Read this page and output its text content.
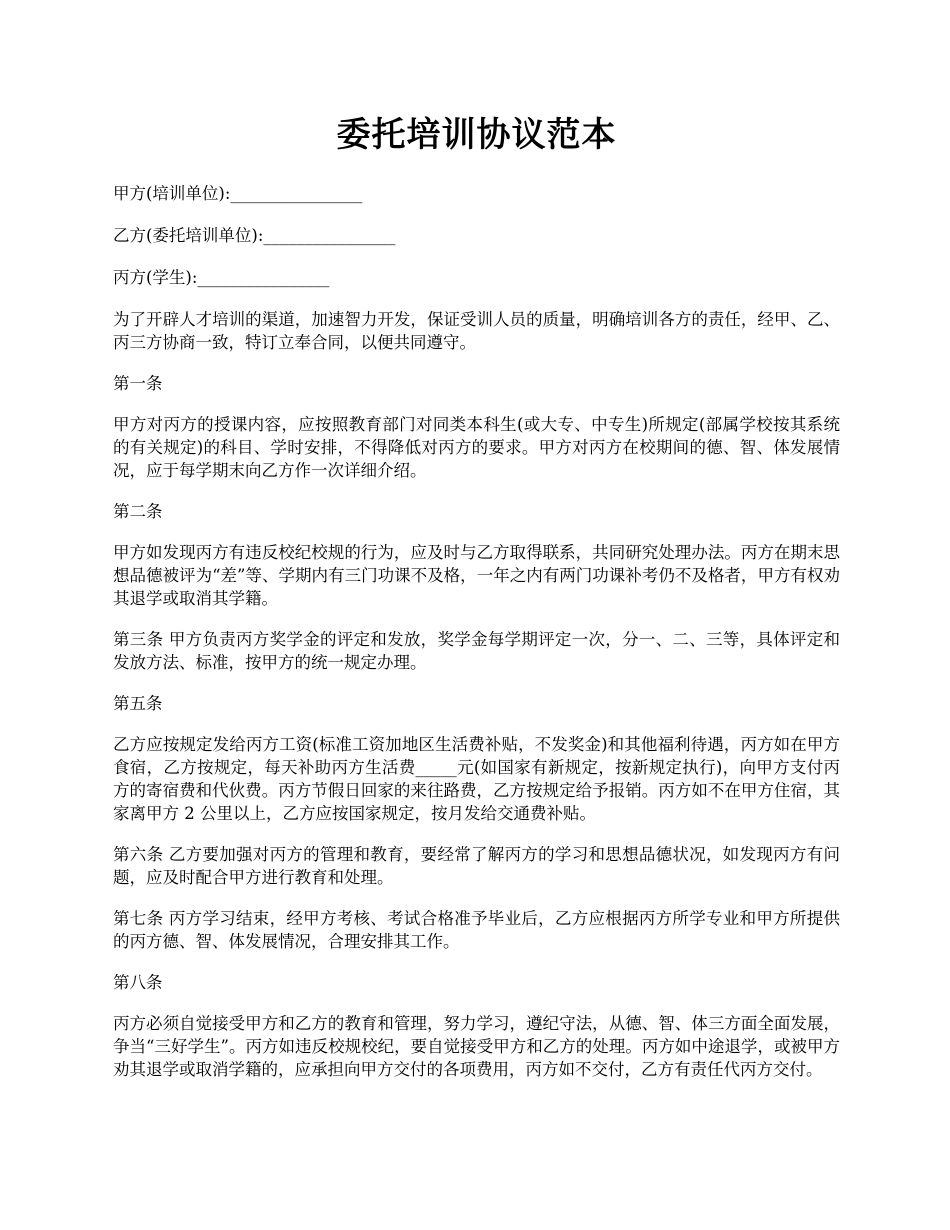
委托培训协议范本

甲方(培训单位):________________

乙方(委托培训单位):________________

丙方(学生):________________

为了开辟人才培训的渠道，加速智力开发，保证受训人员的质量，明确培训各方的责任，经甲、乙、丙三方协商一致，特订立奉合同，以便共同遵守。

第一条

甲方对丙方的授课内容，应按照教育部门对同类本科生(或大专、中专生)所规定(部属学校按其系统的有关规定)的科目、学时安排，不得降低对丙方的要求。甲方对丙方在校期间的德、智、体发展情况，应于每学期末向乙方作一次详细介绍。

第二条

甲方如发现丙方有违反校纪校规的行为，应及时与乙方取得联系，共同研究处理办法。丙方在期末思想品德被评为“差”等、学期内有三门功课不及格，一年之内有两门功课补考仍不及格者，甲方有权劝其退学或取消其学籍。

第三条 甲方负责丙方奖学金的评定和发放，奖学金每学期评定一次，分一、二、三等，具体评定和发放方法、标准，按甲方的统一规定办理。

第五条

乙方应按规定发给丙方工资(标准工资加地区生活费补贴，不发奖金)和其他福利待遇，丙方如在甲方食宿，乙方按规定，每天补助丙方生活费_____元(如国家有新规定，按新规定执行)，向甲方支付丙方的寄宿费和代伙费。丙方节假日回家的来往路费，乙方按规定给予报销。丙方如不在甲方住宿，其家离甲方 2 公里以上，乙方应按国家规定，按月发给交通费补贴。

第六条 乙方要加强对丙方的管理和教育，要经常了解丙方的学习和思想品德状况，如发现丙方有问题，应及时配合甲方进行教育和处理。

第七条 丙方学习结束，经甲方考核、考试合格准予毕业后，乙方应根据丙方所学专业和甲方所提供的丙方德、智、体发展情况，合理安排其工作。

第八条

丙方必须自觉接受甲方和乙方的教育和管理，努力学习，遵纪守法，从德、智、体三方面全面发展，争当“三好学生”。丙方如违反校规校纪，要自觉接受甲方和乙方的处理。丙方如中途退学，或被甲方劝其退学或取消学籍的，应承担向甲方交付的各项费用，丙方如不交付，乙方有责任代丙方交付。
